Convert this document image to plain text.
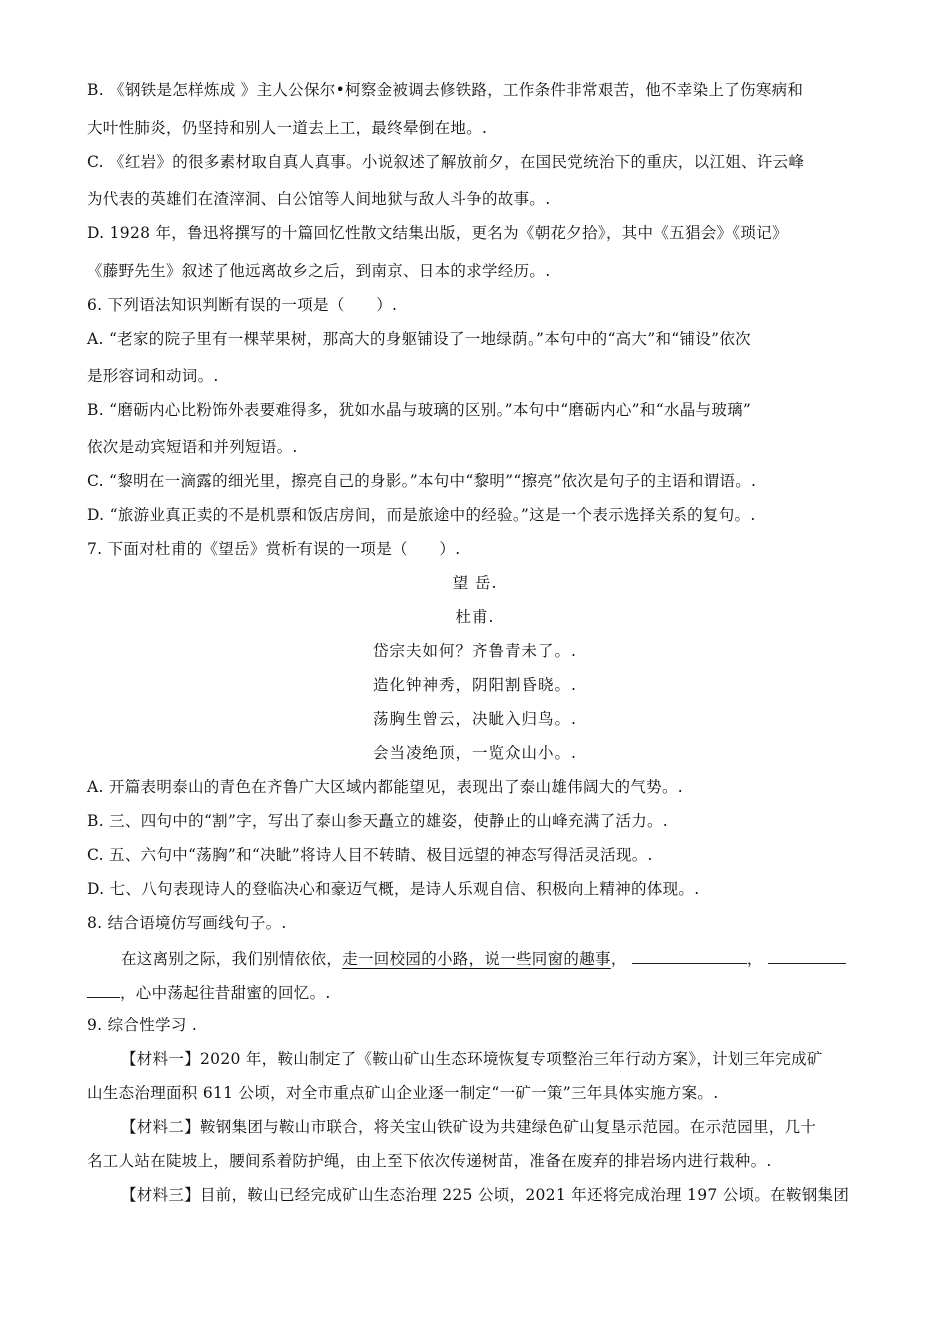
B. 《钢铁是怎样炼成 》主人公保尔•柯察金被调去修铁路，工作条件非常艰苦，他不幸染上了伤寒病和
大叶性肺炎，仍坚持和别人一道去上工，最终晕倒在地。.
C. 《红岩》的很多素材取自真人真事。小说叙述了解放前夕，在国民党统治下的重庆，以江姐、许云峰
为代表的英雄们在渣滓洞、白公馆等人间地狱与敌人斗争的故事。.
D. 1928 年，鲁迅将撰写的十篇回忆性散文结集出版，更名为《朝花夕拾》，其中《五猖会》《琐记》
《藤野先生》叙述了他远离故乡之后，到南京、日本的求学经历。.
6. 下列语法知识判断有误的一项是（　　）.
A. “老家的院子里有一棵苹果树，那高大的身躯铺设了一地绿荫。”本句中的“高大”和“铺设”依次
是形容词和动词。.
B. “磨砺内心比粉饰外表要难得多，犹如水晶与玻璃的区别。”本句中“磨砺内心”和“水晶与玻璃”
依次是动宾短语和并列短语。.
C. “黎明在一滴露的细光里，擦亮自己的身影。”本句中“黎明”“擦亮”依次是句子的主语和谓语。.
D. “旅游业真正卖的不是机票和饭店房间，而是旅途中的经验。”这是一个表示选择关系的复句。.
7. 下面对杜甫的《望岳》赏析有误的一项是（　　）.
望 岳.
杜甫.
岱宗夫如何？齐鲁青未了。.
造化钟神秀，阴阳割昏晓。.
荡胸生曾云，决眦入归鸟。.
会当凌绝顶，一览众山小。.
A. 开篇表明泰山的青色在齐鲁广大区域内都能望见，表现出了泰山雄伟阔大的气势。.
B. 三、四句中的“割”字，写出了泰山参天矗立的雄姿，使静止的山峰充满了活力。.
C. 五、六句中“荡胸”和“决眦”将诗人目不转睛、极目远望的神态写得活灵活现。.
D. 七、八句表现诗人的登临决心和豪迈气概，是诗人乐观自信、积极向上精神的体现。.
8. 结合语境仿写画线句子。.
在这离别之际，我们别情依依，走一回校园的小路，说一些同窗的趣事，	，
，心中荡起往昔甜蜜的回忆。.
9. 综合性学习 .
【材料一】2020 年，鞍山制定了《鞍山矿山生态环境恢复专项整治三年行动方案》，计划三年完成矿
山生态治理面积 611 公顷，对全市重点矿山企业逐一制定“一矿一策”三年具体实施方案。.
【材料二】鞍钢集团与鞍山市联合，将关宝山铁矿设为共建绿色矿山复垦示范园。在示范园里，几十
名工人站在陡坡上，腰间系着防护绳，由上至下依次传递树苗，准备在废弃的排岩场内进行栽种。.
【材料三】目前，鞍山已经完成矿山生态治理 225 公顷，2021 年还将完成治理 197 公顷。在鞍钢集团
